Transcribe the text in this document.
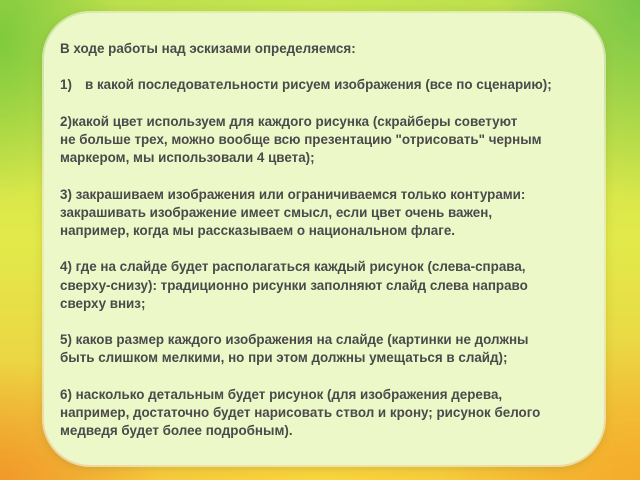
В ходе работы над эскизами определяемся:

1) в какой последовательности рисуем изображения (все по сценарию);

2)какой цвет используем для каждого рисунка (скрайберы советуют
не больше трех, можно вообще всю презентацию "отрисовать" черным маркером, мы использовали 4 цвета);

3) закрашиваем изображения или ограничиваемся только контурами:
закрашивать изображение имеет смысл, если цвет очень важен,
например, когда мы рассказываем о национальном флаге.

4) где на слайде будет располагаться каждый рисунок (слева-справа,
сверху-снизу): традиционно рисунки заполняют слайд слева направо
сверху вниз;

5) каков размер каждого изображения на слайде (картинки не должны
быть слишком мелкими, но при этом должны умещаться в слайд);

6) насколько детальным будет рисунок (для изображения дерева,
например, достаточно будет нарисовать ствол и крону; рисунок белого
медведя будет более подробным).
